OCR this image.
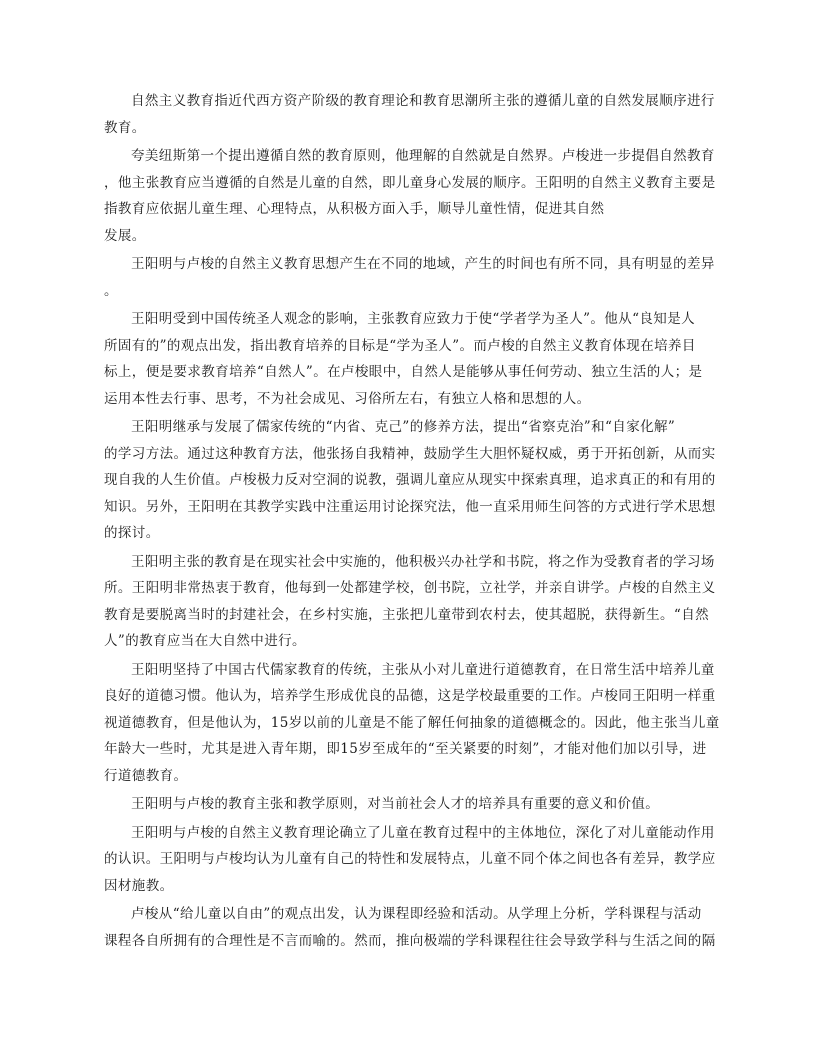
自然主义教育指近代西方资产阶级的教育理论和教育思潮所主张的遵循儿童的自然发展顺序进行
教育。
夸美纽斯第一个提出遵循自然的教育原则，他理解的自然就是自然界。卢梭进一步提倡自然教育
，他主张教育应当遵循的自然是儿童的自然，即儿童身心发展的顺序。王阳明的自然主义教育主要是
指教育应依据儿童生理、心理特点，从积极方面入手，顺导儿童性情，促进其自然
发展。
王阳明与卢梭的自然主义教育思想产生在不同的地域，产生的时间也有所不同，具有明显的差异
。
王阳明受到中国传统圣人观念的影响，主张教育应致力于使“学者学为圣人”。他从“良知是人
所固有的”的观点出发，指出教育培养的目标是“学为圣人”。而卢梭的自然主义教育体现在培养目
标上，便是要求教育培养“自然人”。在卢梭眼中，自然人是能够从事任何劳动、独立生活的人；是
运用本性去行事、思考，不为社会成见、习俗所左右，有独立人格和思想的人。
王阳明继承与发展了儒家传统的“内省、克己”的修养方法，提出“省察克治”和“自家化解”
的学习方法。通过这种教育方法，他张扬自我精神，鼓励学生大胆怀疑权威，勇于开拓创新，从而实
现自我的人生价值。卢梭极力反对空洞的说教，强调儿童应从现实中探索真理，追求真正的和有用的
知识。另外，王阳明在其教学实践中注重运用讨论探究法，他一直采用师生问答的方式进行学术思想
的探讨。
王阳明主张的教育是在现实社会中实施的，他积极兴办社学和书院，将之作为受教育者的学习场
所。王阳明非常热衷于教育，他每到一处都建学校，创书院，立社学，并亲自讲学。卢梭的自然主义
教育是要脱离当时的封建社会，在乡村实施，主张把儿童带到农村去，使其超脱，获得新生。“自然
人”的教育应当在大自然中进行。
王阳明坚持了中国古代儒家教育的传统，主张从小对儿童进行道德教育，在日常生活中培养儿童
良好的道德习惯。他认为，培养学生形成优良的品德，这是学校最重要的工作。卢梭同王阳明一样重
视道德教育，但是他认为，15岁以前的儿童是不能了解任何抽象的道德概念的。因此，他主张当儿童
年龄大一些时，尤其是进入青年期，即15岁至成年的“至关紧要的时刻”，才能对他们加以引导，进
行道德教育。
王阳明与卢梭的教育主张和教学原则，对当前社会人才的培养具有重要的意义和价值。
王阳明与卢梭的自然主义教育理论确立了儿童在教育过程中的主体地位，深化了对儿童能动作用
的认识。王阳明与卢梭均认为儿童有自己的特性和发展特点，儿童不同个体之间也各有差异，教学应
因材施教。
卢梭从“给儿童以自由”的观点出发，认为课程即经验和活动。从学理上分析，学科课程与活动
课程各自所拥有的合理性是不言而喻的。然而，推向极端的学科课程往往会导致学科与生活之间的隔
